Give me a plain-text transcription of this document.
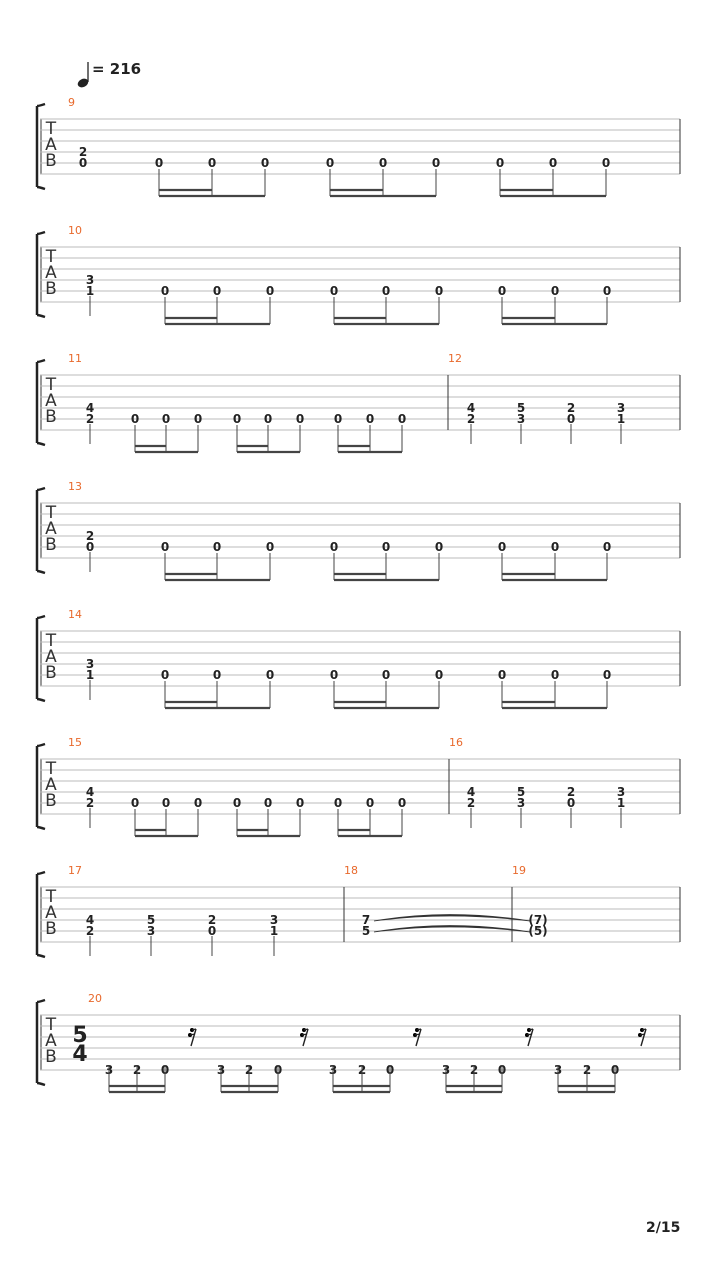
T
A
B
9
2
0	0	0	0	0	0	0	0	0	0
T
A
B
10
3
1	0	0	0	0	0	0	0	0	0
T
A
B
11
4
2	0 0 0	0 0 0 0 0 0
12
4
2
5
3
2
0
3
1
T
A
B
13
2
0	0	0	0	0	0	0	0	0	0
T
A
B
14
3
1	0	0	0	0	0	0	0	0	0
T
A
B
15
4
2	0 0 0	0 0 0 0 0 0
16
4
2
5
3
2
0
3
1
T
A
B
17
4
2
5
3
2
0
3
1
18
7
5
19
(7)
(5)
T
A
B
20
5
4
3 2 0	3 2 0	3 2 0	3 2 0	3 2 0
= 216
2/15
